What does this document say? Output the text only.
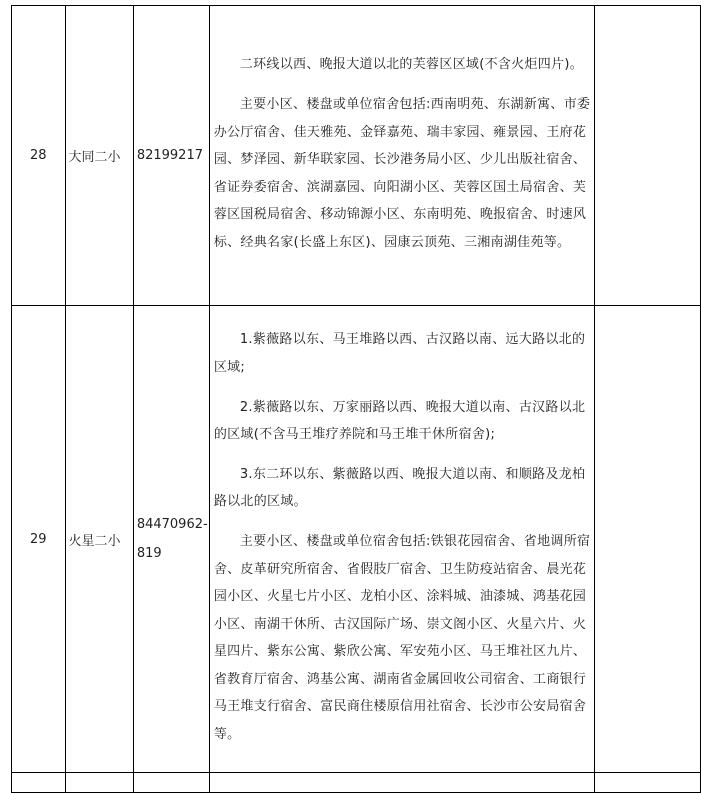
28	大同二小	82199217	二环线以西、晚报大道以北的芙蓉区区域(不含火炬四片)。

主要小区、楼盘或单位宿舍包括:西南明苑、东湖新寓、市委办公厅宿舍、佳天雅苑、金铎嘉苑、瑞丰家园、雍景园、王府花园、梦泽园、新华联家园、长沙港务局小区、少儿出版社宿舍、省证券委宿舍、滨湖嘉园、向阳湖小区、芙蓉区国土局宿舍、芙蓉区国税局宿舍、移动锦源小区、东南明苑、晚报宿舍、时速风标、经典名家(长盛上东区)、园康云顶苑、三湘南湖佳苑等。	

29	火星二小	84470962-819	1.紫薇路以东、马王堆路以西、古汉路以南、远大路以北的区域;

2.紫薇路以东、万家丽路以西、晚报大道以南、古汉路以北的区域(不含马王堆疗养院和马王堆干休所宿舍);

3.东二环以东、紫薇路以西、晚报大道以南、和顺路及龙柏路以北的区域。

主要小区、楼盘或单位宿舍包括:铁银花园宿舍、省地调所宿舍、皮革研究所宿舍、省假肢厂宿舍、卫生防疫站宿舍、晨光花园小区、火星七片小区、龙柏小区、涂料城、油漆城、鸿基花园小区、南湖干休所、古汉国际广场、崇文阁小区、火星六片、火星四片、紫东公寓、紫欣公寓、军安苑小区、马王堆社区九片、省教育厅宿舍、鸿基公寓、湖南省金属回收公司宿舍、工商银行马王堆支行宿舍、富民商住楼原信用社宿舍、长沙市公安局宿舍等。	
